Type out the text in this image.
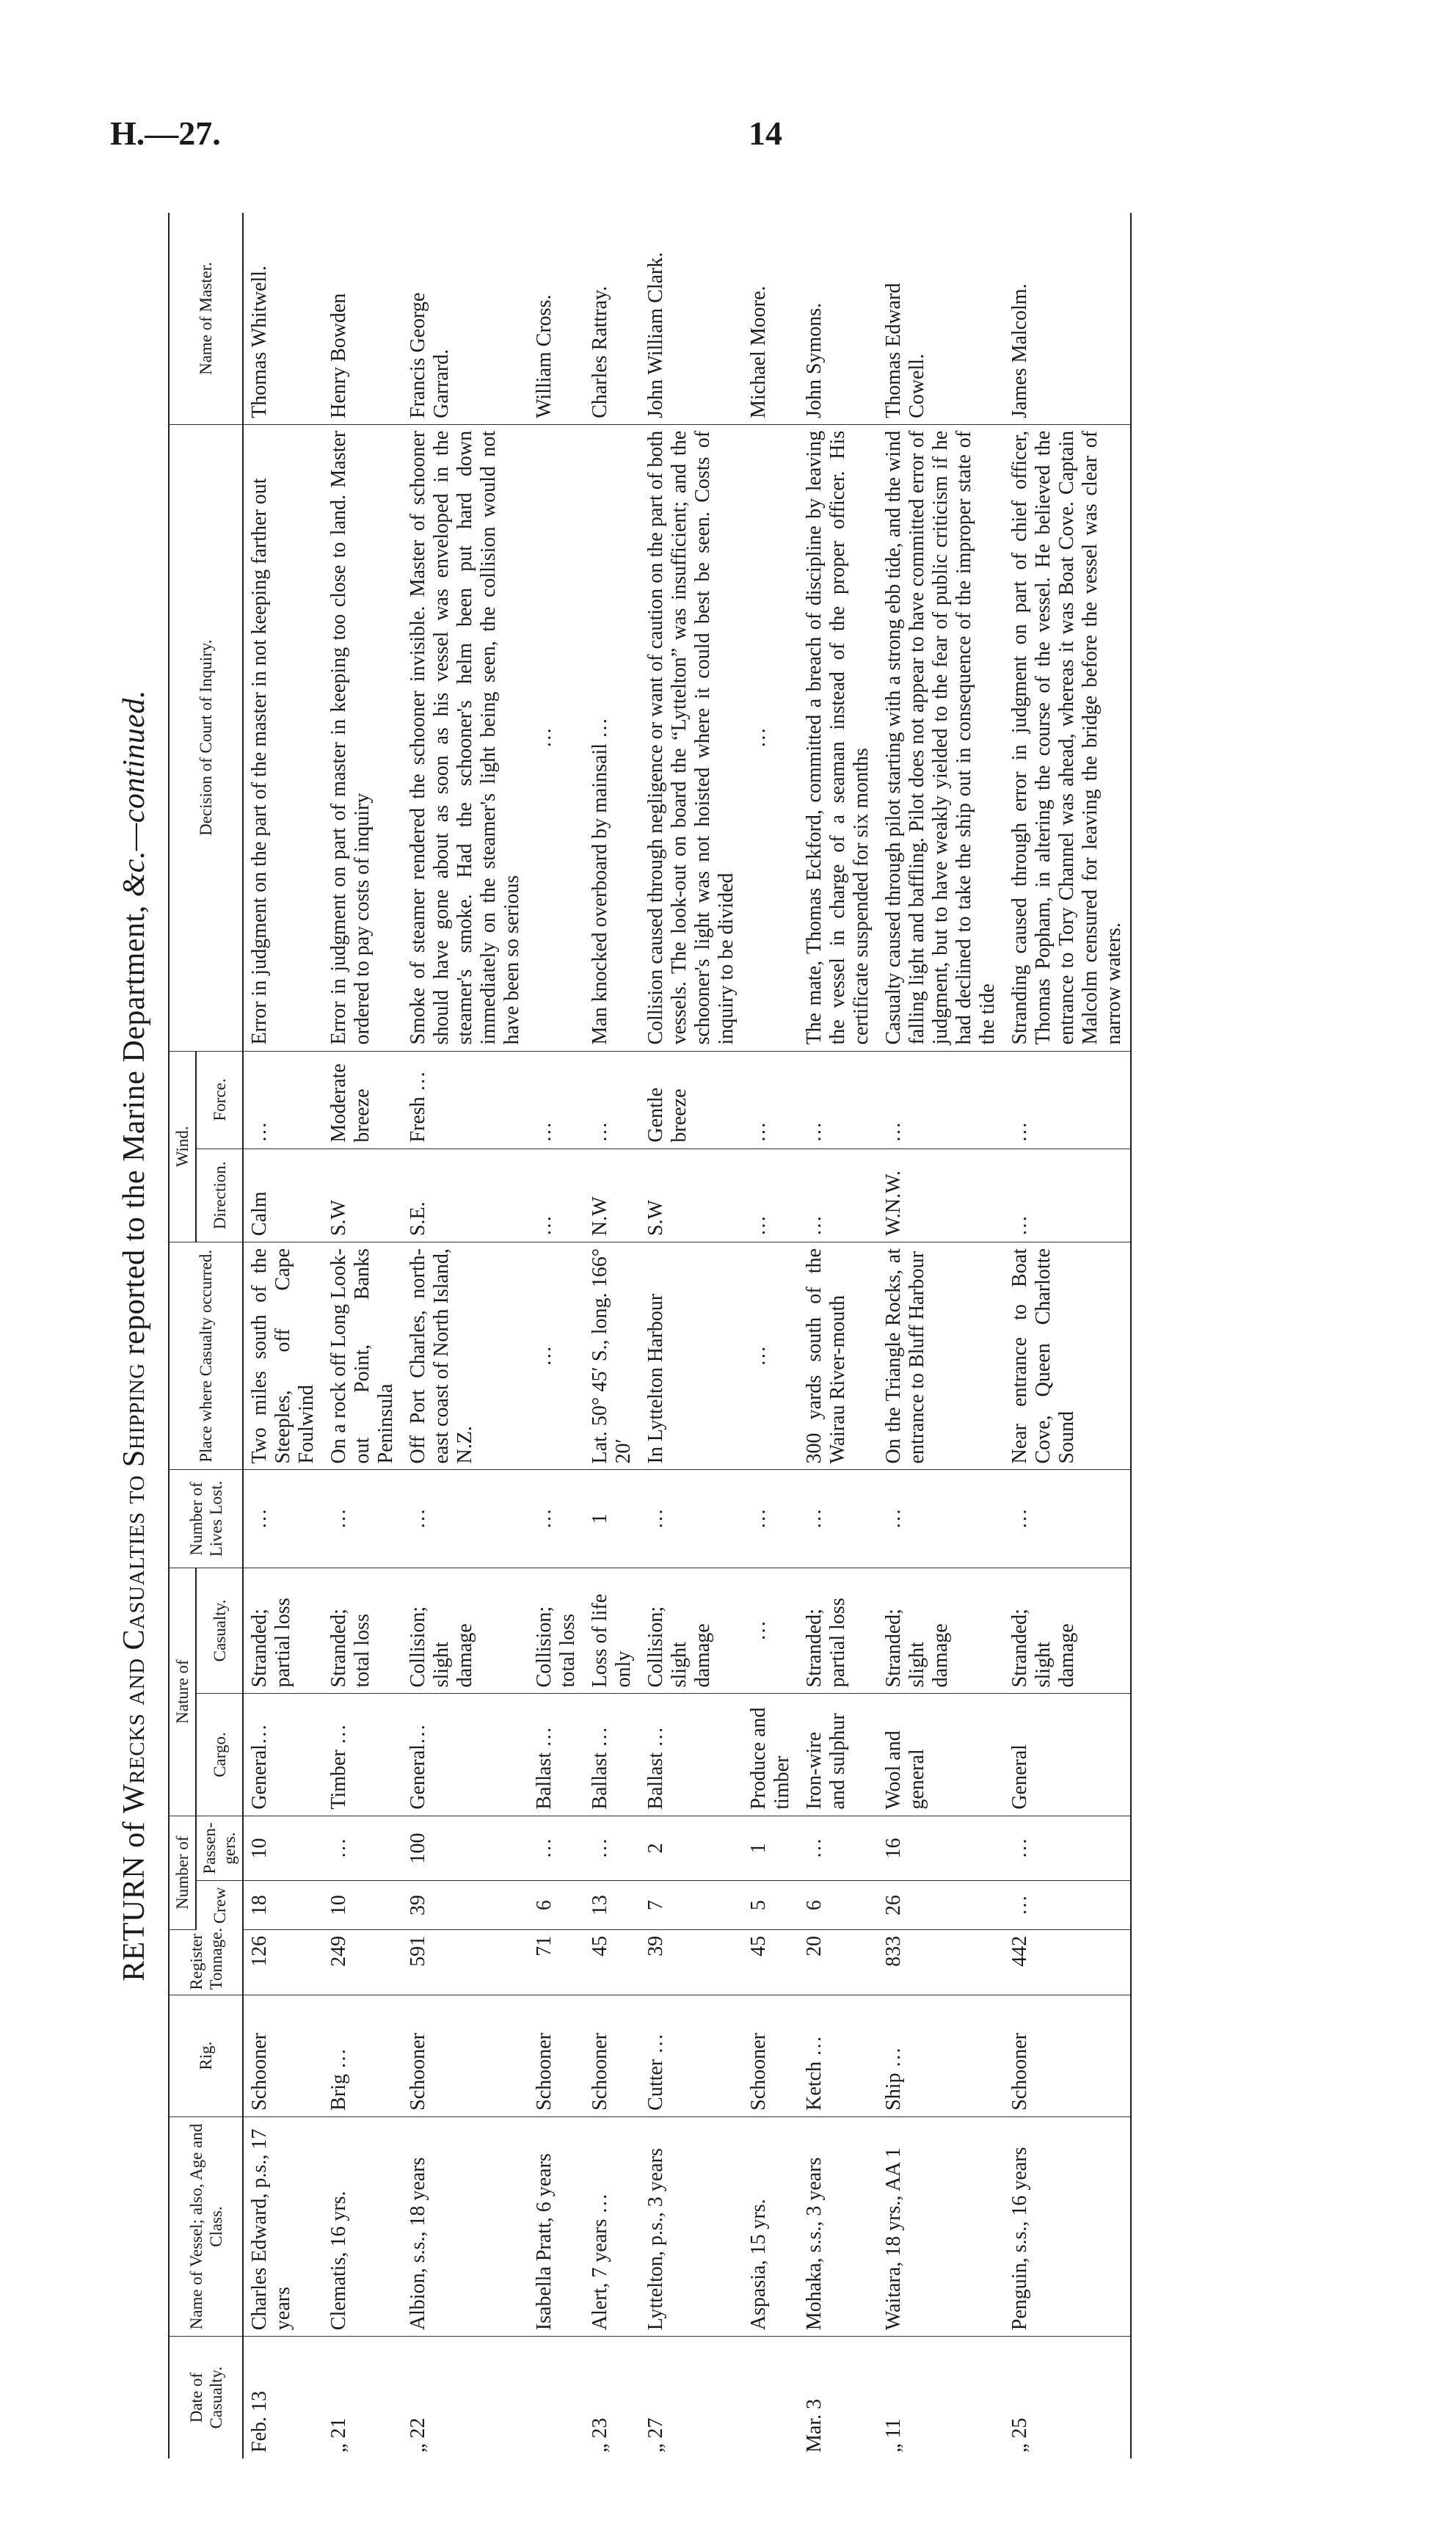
H.—27.	14
RETURN of Wrecks and Casualties to Shipping reported to the Marine Department, &c.—continued.
Date of Casualty.	Name of Vessel; also, Age and Class.	Rig.	Register Tonnage.	Number of		Nature of		Number of Lives Lost.	Place where Casualty occurred.	Wind.		Decision of Court of Inquiry.	Name of Master.
				Crew	Passen-gers.	Cargo.	Casualty.			Direction.	Force.		
Feb. 13	Charles Edward, p.s., 17 years	Schooner	126	18	10	General…	Stranded; partial loss	…	Two miles south of the Steeples, off Cape Foulwind	Calm	…	Error in judgment on the part of the master in not keeping farther out	Thomas Whitwell.
„ 21	Clematis, 16 yrs.	Brig …	249	10	…	Timber …	Stranded; total loss	…	On a rock off Long Look-out Point, Banks Peninsula	S.W	Moderate breeze	Error in judgment on part of master in keeping too close to land. Master ordered to pay costs of inquiry	Henry Bowden
„ 22	Albion, s.s., 18 years	Schooner	591	39	100	General…	Collision; slight damage	…	Off Port Charles, north-east coast of North Island, N.Z.	S.E.	Fresh …	Smoke of steamer rendered the schooner invisible. Master of schooner should have gone about as soon as his vessel was enveloped in the steamer's smoke. Had the schooner's helm been put hard down immediately on the steamer's light being seen, the collision would not have been so serious	Francis George Garrard.
	Isabella Pratt, 6 years	Schooner	71	6	…	Ballast …	Collision; total loss	…	…	…	…	…	William Cross.
„ 23	Alert, 7 years …	Schooner	45	13	…	Ballast …	Loss of life only	1	Lat. 50° 45′ S., long. 166° 20′	N.W	…	Man knocked overboard by mainsail …	Charles Rattray.
„ 27	Lyttelton, p.s., 3 years	Cutter …	39	7	2	Ballast …	Collision; slight damage	…	In Lyttelton Harbour	S.W	Gentle breeze	Collision caused through negligence or want of caution on the part of both vessels. The look-out on board the “Lyttelton” was insufficient; and the schooner's light was not hoisted where it could best be seen. Costs of inquiry to be divided	John William Clark.
	Aspasia, 15 yrs.	Schooner	45	5	1	Produce and timber	…	…	…	…	…	…	Michael Moore.
Mar. 3	Mohaka, s.s., 3 years	Ketch …	20	6	…	Iron-wire and sulphur	Stranded; partial loss	…	300 yards south of the Wairau River-mouth	…	…	The mate, Thomas Eckford, committed a breach of discipline by leaving the vessel in charge of a seaman instead of the proper officer. His certificate suspended for six months	John Symons.
„ 11	Waitara, 18 yrs., AA 1	Ship …	833	26	16	Wool and general	Stranded; slight damage	…	On the Triangle Rocks, at entrance to Bluff Harbour	W.N.W.	…	Casualty caused through pilot starting with a strong ebb tide, and the wind falling light and baffling. Pilot does not appear to have committed error of judgment, but to have weakly yielded to the fear of public criticism if he had declined to take the ship out in consequence of the improper state of the tide	Thomas Edward Cowell.
„ 25	Penguin, s.s., 16 years	Schooner	442	…	…	General	Stranded; slight damage	…	Near entrance to Boat Cove, Queen Charlotte Sound	…	…	Stranding caused through error in judgment on part of chief officer, Thomas Popham, in altering the course of the vessel. He believed the entrance to Tory Channel was ahead, whereas it was Boat Cove. Captain Malcolm censured for leaving the bridge before the vessel was clear of narrow waters.	James Malcolm.
